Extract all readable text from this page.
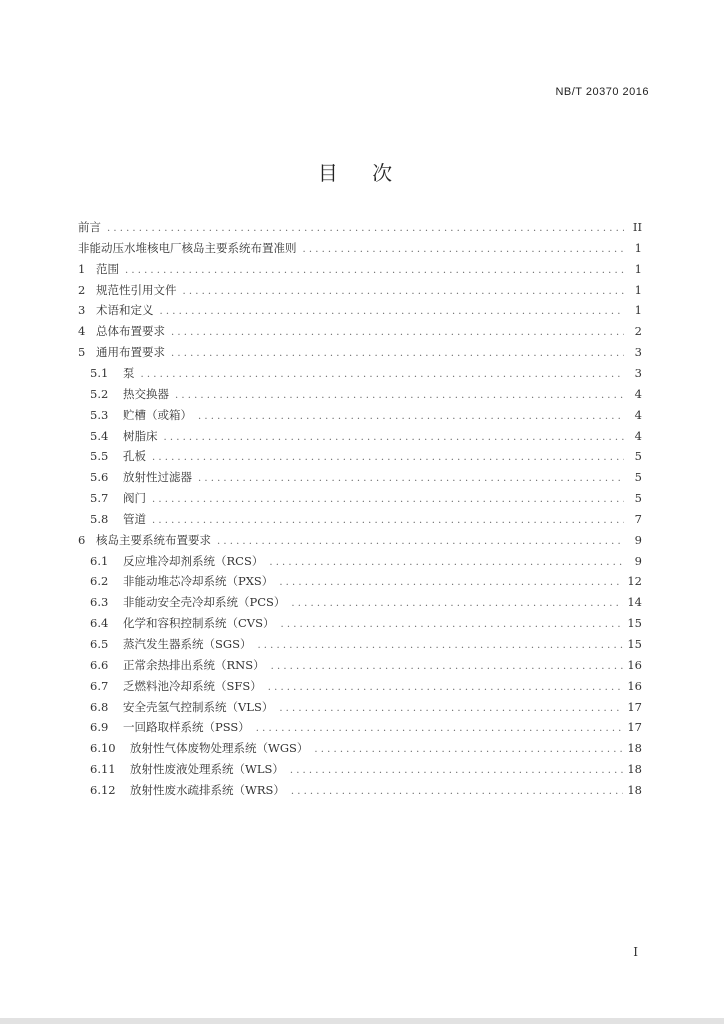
NB/T 20370 2016
目 次
前言 . . .	II
非能动压水堆核电厂核岛主要系统布置准则 . . .	1
1 范围 . . .	1
2 规范性引用文件 . . .	1
3 术语和定义 . . .	1
4 总体布置要求 . . .	2
5 通用布置要求 . . .	3
5.1	泵 . . .	3
5.2	热交换器 . . .	4
5.3	贮槽（或箱） . . .	4
5.4	树脂床 . . .	4
5.5	孔板 . . .	5
5.6	放射性过滤器 . . .	5
5.7	阀门 . . .	5
5.8	管道 . . .	7
6 核岛主要系统布置要求 . . .	9
6.1	反应堆冷却剂系统（RCS） . . .	9
6.2	非能动堆芯冷却系统（PXS） . . .	12
6.3	非能动安全壳冷却系统（PCS） . . .	14
6.4	化学和容积控制系统（CVS） . . .	15
6.5	蒸汽发生器系统（SGS） . . .	15
6.6	正常余热排出系统（RNS） . . .	16
6.7	乏燃料池冷却系统（SFS） . . .	16
6.8	安全壳氢气控制系统（VLS） . . .	17
6.9	一回路取样系统（PSS） . . .	17
6.10	放射性气体废物处理系统（WGS） . . .	18
6.11	放射性废液处理系统（WLS） . . .	18
6.12	放射性废水疏排系统（WRS） . . .	18
I
